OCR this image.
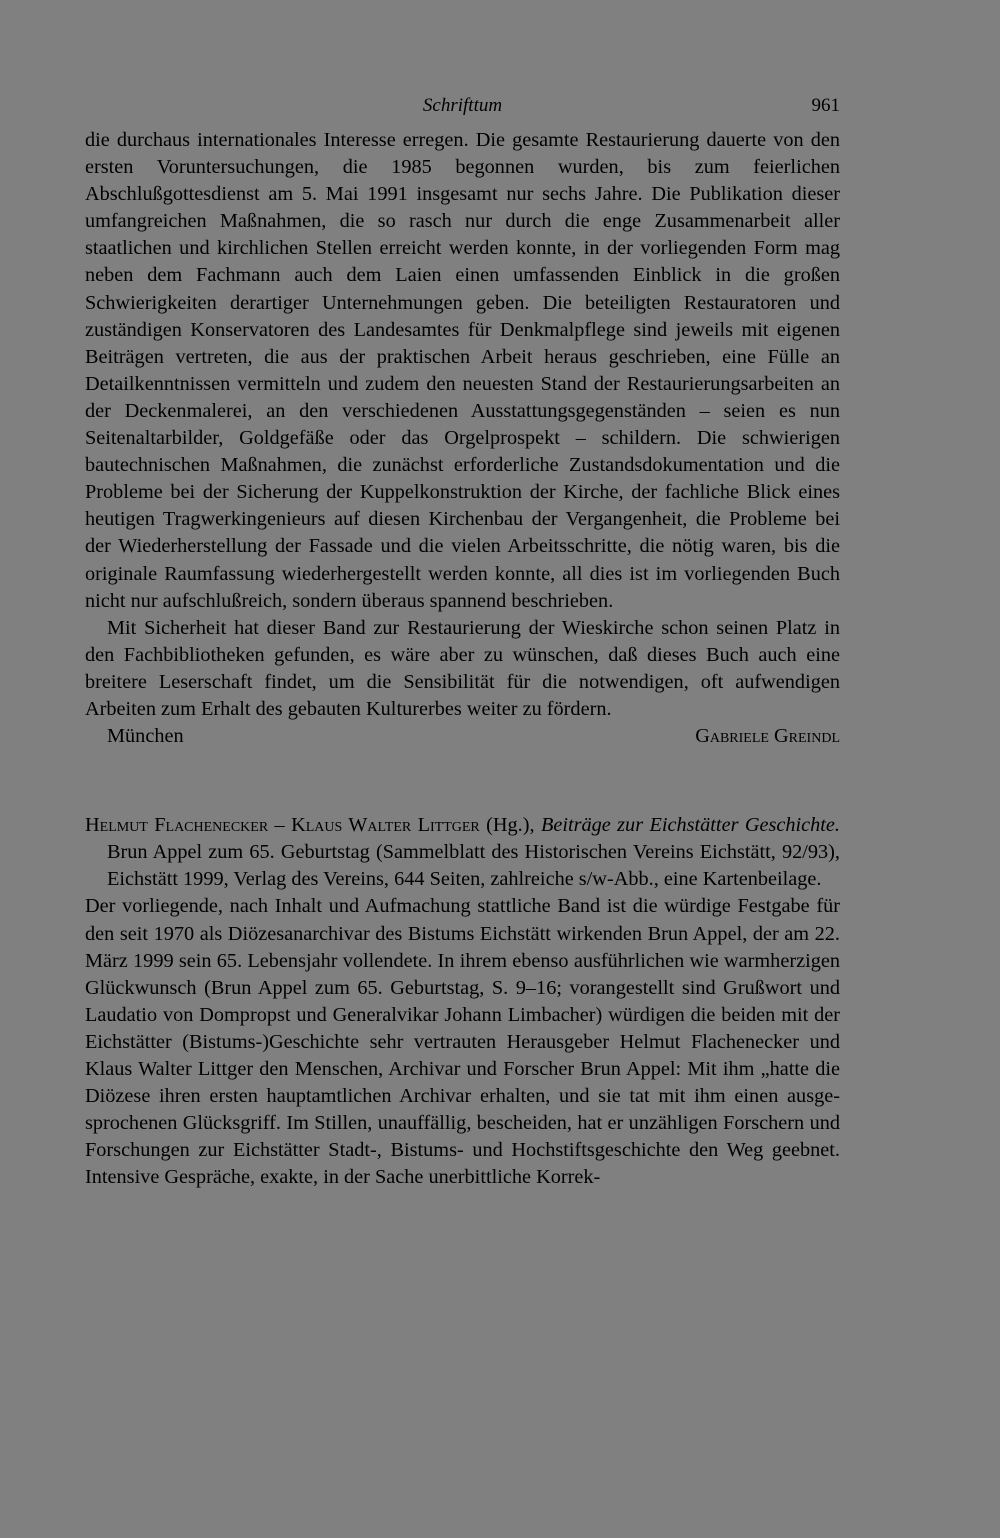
Schrifttum	961

die durchaus internationales Interesse erregen. Die gesamte Restaurierung dauerte von den ersten Voruntersuchungen, die 1985 begonnen wurden, bis zum feierlichen Abschlußgottesdienst am 5. Mai 1991 insgesamt nur sechs Jahre. Die Publikation dieser umfangreichen Maßnahmen, die so rasch nur durch die enge Zusammenarbeit aller staatlichen und kirchlichen Stellen erreicht werden konnte, in der vorliegenden Form mag neben dem Fachmann auch dem Laien einen umfassenden Einblick in die großen Schwierigkeiten derartiger Unternehmungen geben. Die beteiligten Restauratoren und zuständigen Konservatoren des Landesamtes für Denkmalpflege sind jeweils mit eigenen Beiträgen vertreten, die aus der praktischen Arbeit heraus geschrieben, eine Fülle an Detailkenntnissen vermitteln und zudem den neuesten Stand der Restaurierungsarbeiten an der Deckenmalerei, an den verschiedenen Ausstattungsgegenständen – seien es nun Seitenaltarbilder, Goldgefäße oder das Orgelprospekt – schildern. Die schwierigen bautechnischen Maßnahmen, die zunächst erforderliche Zustandsdokumentation und die Probleme bei der Sicherung der Kuppelkonstruktion der Kirche, der fachliche Blick eines heutigen Tragwerkingenieurs auf diesen Kirchenbau der Vergangenheit, die Probleme bei der Wiederherstellung der Fassade und die vielen Arbeitsschritte, die nötig waren, bis die originale Raumfassung wiederhergestellt werden konnte, all dies ist im vorliegenden Buch nicht nur aufschlußreich, sondern überaus spannend beschrieben.

Mit Sicherheit hat dieser Band zur Restaurierung der Wieskirche schon seinen Platz in den Fachbibliotheken gefunden, es wäre aber zu wünschen, daß dieses Buch auch eine breitere Leserschaft findet, um die Sensibilität für die notwendigen, oft aufwendigen Arbeiten zum Erhalt des gebauten Kulturerbes weiter zu fördern.

München	Gabriele Greindl
Helmut Flachenecker – Klaus Walter Littger (Hg.), Beiträge zur Eichstätter Geschichte. Brun Appel zum 65. Geburtstag (Sammelblatt des Historischen Vereins Eichstätt, 92/93), Eichstätt 1999, Verlag des Vereins, 644 Seiten, zahlreiche s/w-Abb., eine Kartenbeilage.

Der vorliegende, nach Inhalt und Aufmachung stattliche Band ist die würdige Festgabe für den seit 1970 als Diözesanarchivar des Bistums Eichstätt wirkenden Brun Appel, der am 22. März 1999 sein 65. Lebensjahr vollendete. In ihrem ebenso ausführlichen wie warmherzigen Glückwunsch (Brun Appel zum 65. Geburtstag, S. 9–16; vorangestellt sind Grußwort und Laudatio von Dompropst und Generalvikar Johann Limbacher) würdigen die beiden mit der Eichstätter (Bistums-)Geschichte sehr vertrauten Herausgeber Helmut Flachenecker und Klaus Walter Littger den Menschen, Archivar und Forscher Brun Appel: Mit ihm „hatte die Diözese ihren ersten hauptamtlichen Archivar erhalten, und sie tat mit ihm einen ausgesprochenen Glücksgriff. Im Stillen, unauffällig, bescheiden, hat er unzähligen Forschern und Forschungen zur Eichstätter Stadt-, Bistums- und Hochstiftsgeschichte den Weg geebnet. Intensive Gespräche, exakte, in der Sache unerbittliche Korrek-
